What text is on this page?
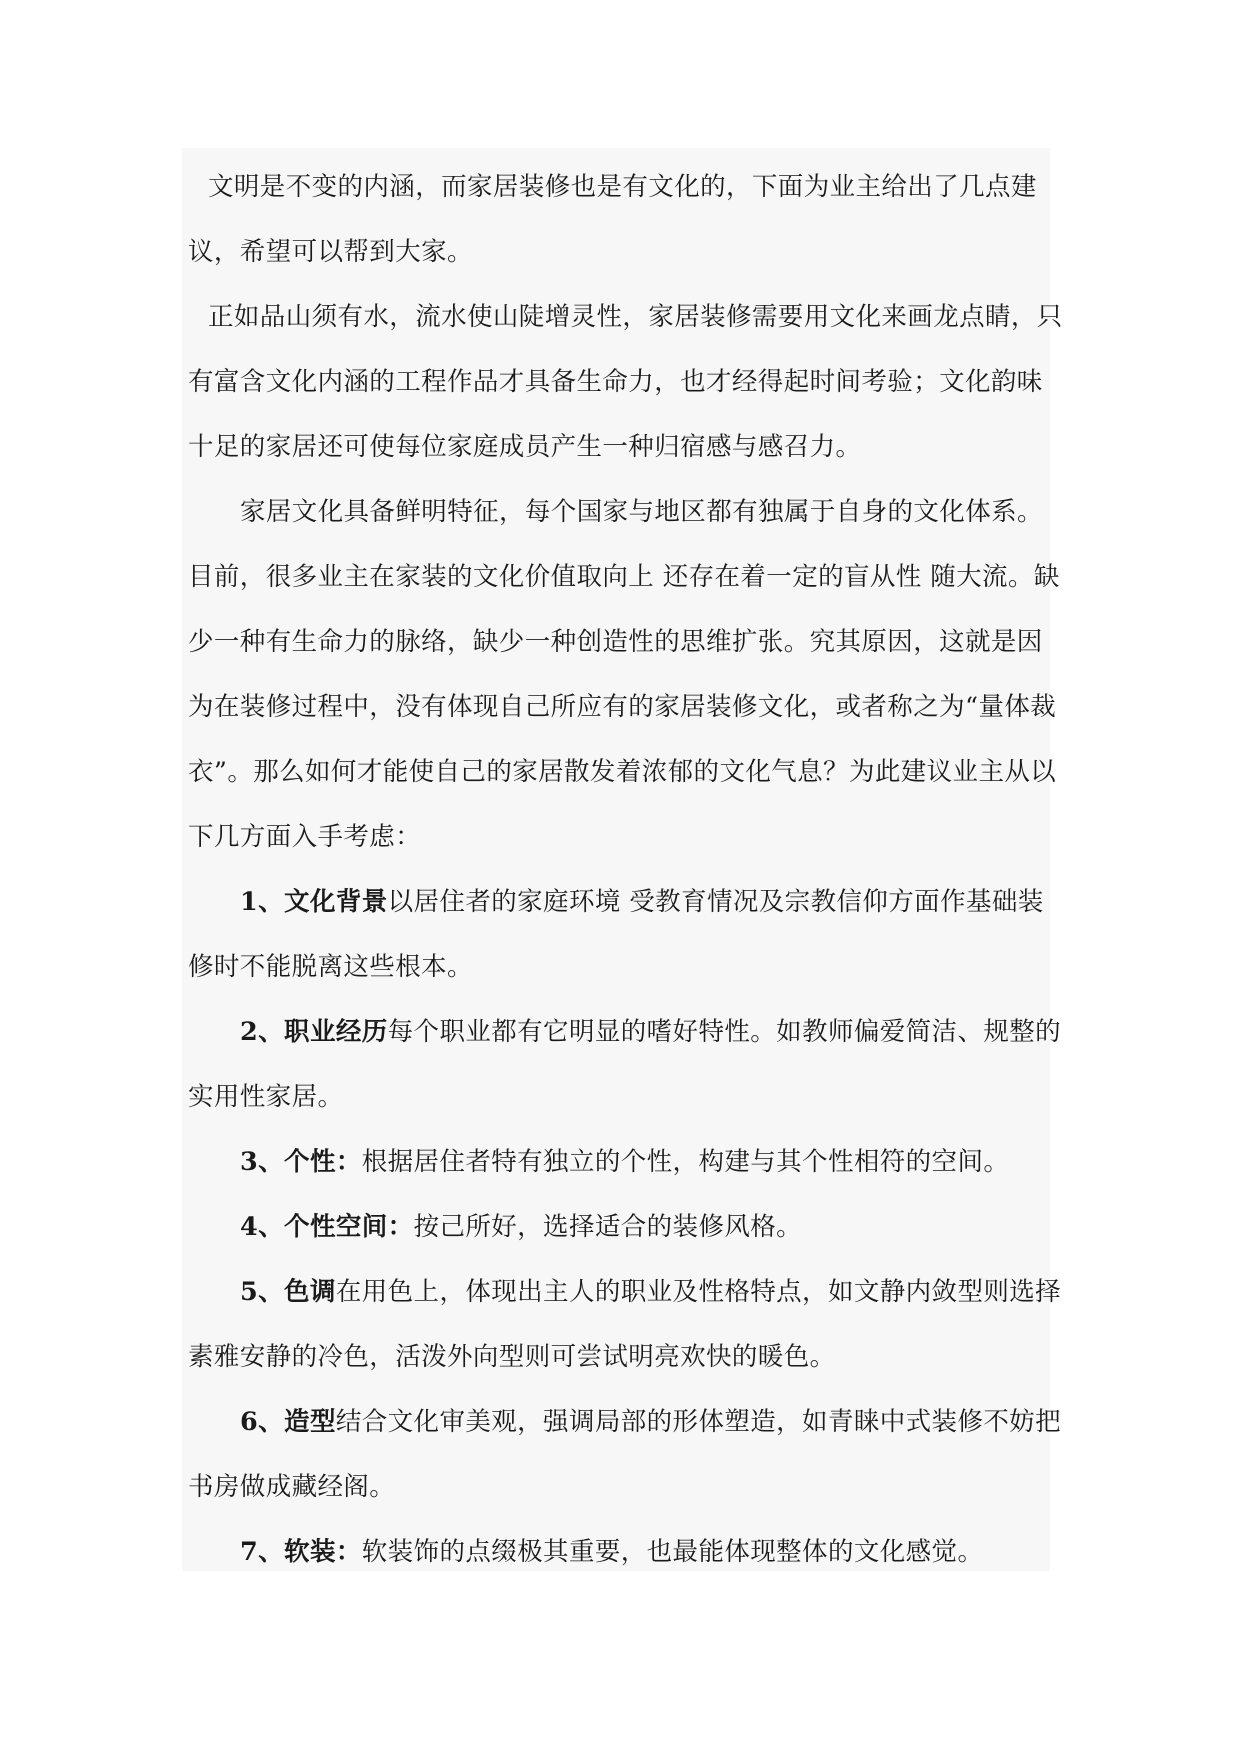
文明是不变的内涵，而家居装修也是有文化的，下面为业主给出了几点建议，希望可以帮到大家。

正如品山须有水，流水使山陡增灵性，家居装修需要用文化来画龙点睛，只有富含文化内涵的工程作品才具备生命力，也才经得起时间考验；文化韵味十足的家居还可使每位家庭成员产生一种归宿感与感召力。

家居文化具备鲜明特征，每个国家与地区都有独属于自身的文化体系。目前，很多业主在家装的文化价值取向上 还存在着一定的盲从性 随大流。缺少一种有生命力的脉络，缺少一种创造性的思维扩张。究其原因，这就是因为在装修过程中，没有体现自己所应有的家居装修文化，或者称之为“量体裁衣”。那么如何才能使自己的家居散发着浓郁的文化气息？为此建议业主从以下几方面入手考虑：

1、文化背景以居住者的家庭环境 受教育情况及宗教信仰方面作基础装修时不能脱离这些根本。

2、职业经历每个职业都有它明显的嗜好特性。如教师偏爱简洁、规整的实用性家居。

3、个性：根据居住者特有独立的个性，构建与其个性相符的空间。

4、个性空间：按己所好，选择适合的装修风格。

5、色调在用色上，体现出主人的职业及性格特点，如文静内敛型则选择素雅安静的冷色，活泼外向型则可尝试明亮欢快的暖色。

6、造型结合文化审美观，强调局部的形体塑造，如青睐中式装修不妨把书房做成藏经阁。

7、软装：软装饰的点缀极其重要，也最能体现整体的文化感觉。
